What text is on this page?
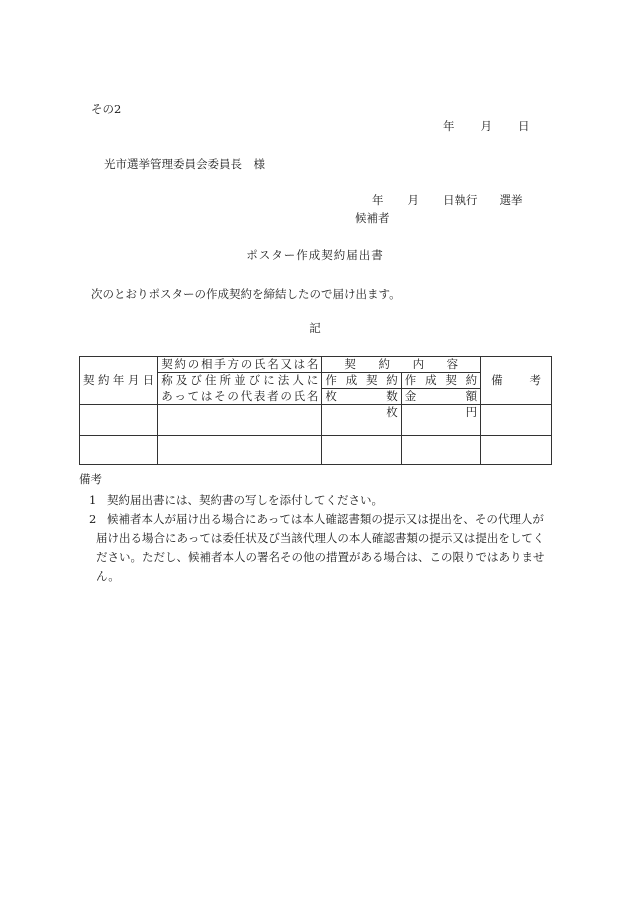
その2
年 月 日
光市選挙管理委員会委員長　様
年 月 日執行 選挙
候補者
ポスター作成契約届出書
次のとおりポスターの作成契約を締結したので届け出ます。
記
契約年月日	契約の相手方の氏名又は名	契約内容		備考
	称及び住所並びに法人に	作成契約	作成契約	
	あってはその代表者の氏名	枚数	金額	
		枚	円	

備考
1 契約届出書には、契約書の写しを添付してください。
2 候補者本人が届け出る場合にあっては本人確認書類の提示又は提出を、その代理人が届け出る場合にあっては委任状及び当該代理人の本人確認書類の提示又は提出をしてください。ただし、候補者本人の署名その他の措置がある場合は、この限りではありません。
